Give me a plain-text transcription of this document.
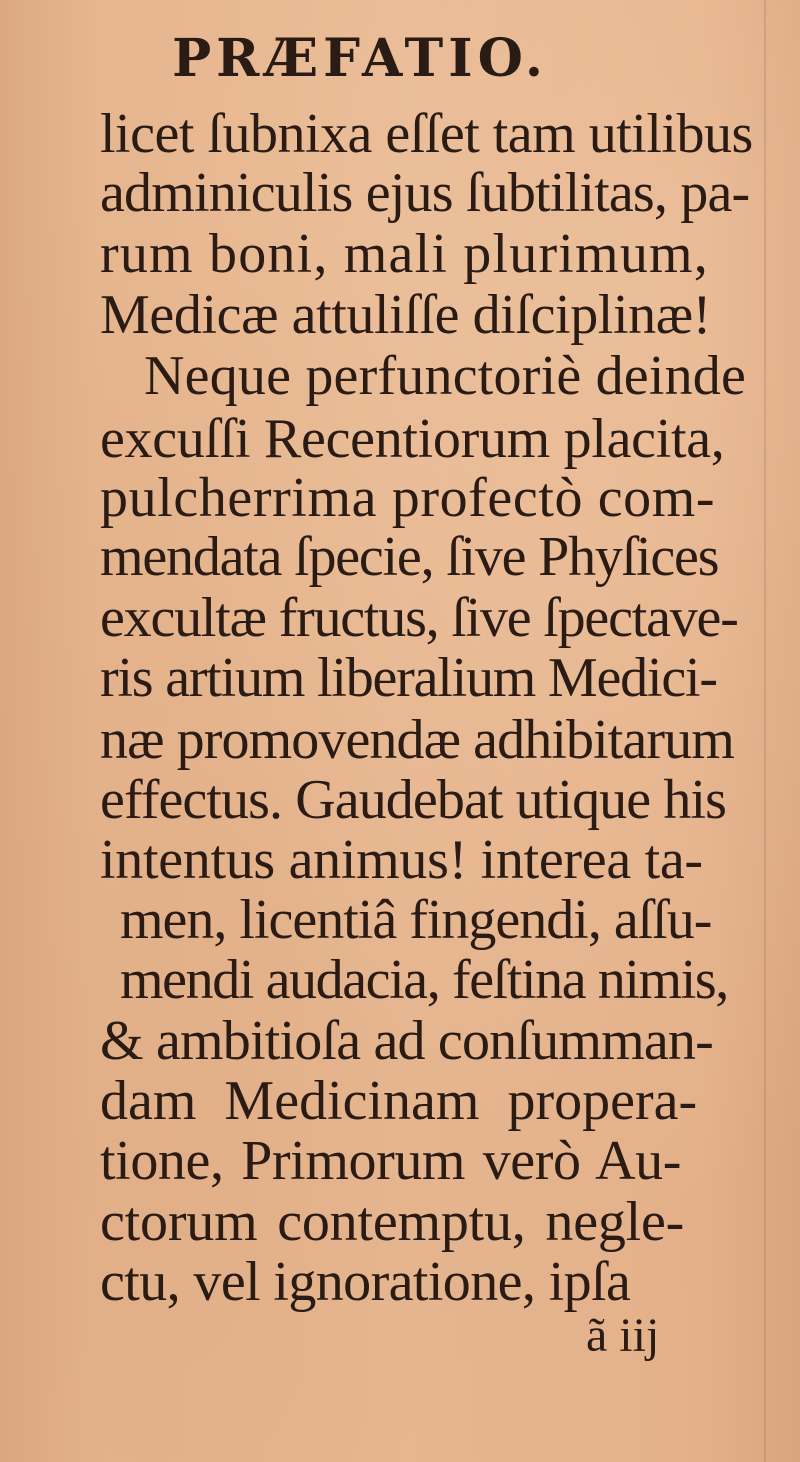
PRÆFATIO.
licet ſubnixa eſſet tam utilibus
adminiculis ejus ſubtilitas, pa-
rum boni, mali plurimum,
Medicæ attuliſſe diſciplinæ!
Neque perfunctoriè deinde
excuſſi Recentiorum placita,
pulcherrima profectò com-
mendata ſpecie, ſive Phyſices
excultæ fructus, ſive ſpectave-
ris artium liberalium Medici-
næ promovendæ adhibitarum
effectus. Gaudebat utique his
intentus animus! interea ta-
men, licentiâ fingendi, aſſu-
mendi audacia, feſtina nimis,
& ambitioſa ad conſumman-
dam Medicinam propera-
tione, Primorum verò Au-
ctorum contemptu, negle-
ctu, vel ignoratione, ipſa
ã iij
